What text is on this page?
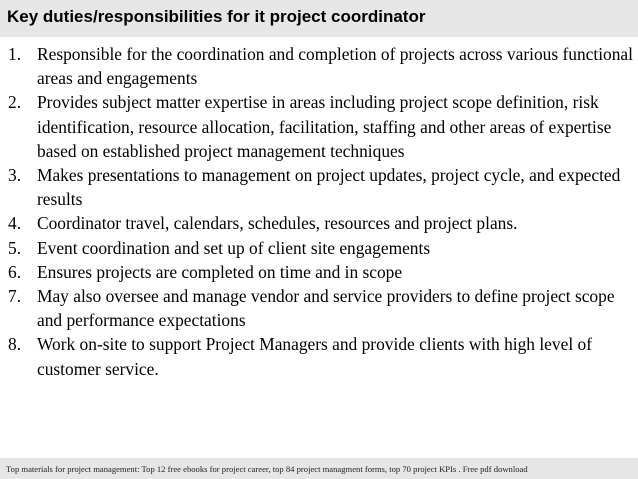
Key duties/responsibilities for it project coordinator
1. Responsible for the coordination and completion of projects across various functional areas and engagements
2. Provides subject matter expertise in areas including project scope definition, risk identification, resource allocation, facilitation, staffing and other areas of expertise based on established project management techniques
3. Makes presentations to management on project updates, project cycle, and expected results
4. Coordinator travel, calendars, schedules, resources and project plans.
5. Event coordination and set up of client site engagements
6. Ensures projects are completed on time and in scope
7. May also oversee and manage vendor and service providers to define project scope and performance expectations
8. Work on-site to support Project Managers and provide clients with high level of customer service.
Top materials for project management: Top 12 free ebooks for project career, top 84 project managment forms, top 70 project KPIs . Free pdf download
